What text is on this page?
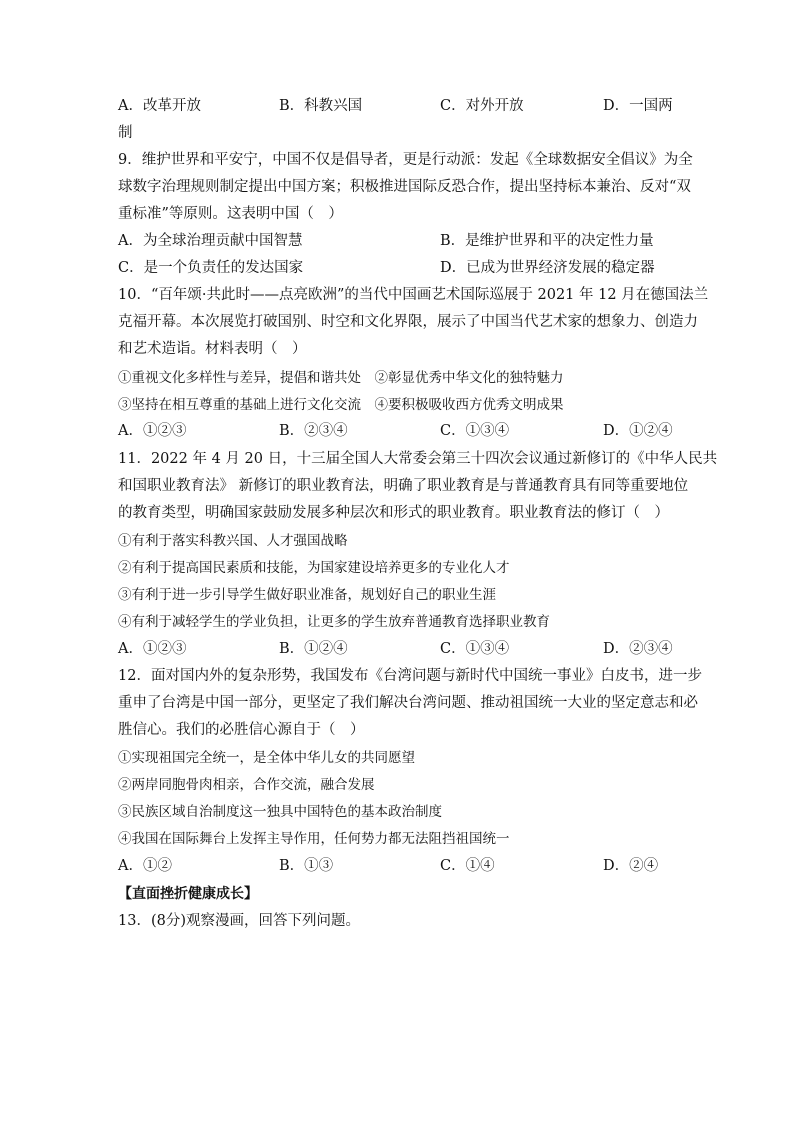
A．改革开放	B．科教兴国	C．对外开放	D．一国两
制
9．维护世界和平安宁，中国不仅是倡导者，更是行动派：发起《全球数据安全倡议》为全
球数字治理规则制定提出中国方案；积极推进国际反恐合作，提出坚持标本兼治、反对“双
重标准”等原则。这表明中国（　）
A．为全球治理贡献中国智慧	B．是维护世界和平的决定性力量
C．是一个负责任的发达国家	D．已成为世界经济发展的稳定器
10．“百年颂·共此时——点亮欧洲”的当代中国画艺术国际巡展于 2021 年 12 月在德国法兰
克福开幕。本次展览打破国别、时空和文化界限，展示了中国当代艺术家的想象力、创造力
和艺术造诣。材料表明（　）
①重视文化多样性与差异，提倡和谐共处　②彰显优秀中华文化的独特魅力
③坚持在相互尊重的基础上进行文化交流　④要积极吸收西方优秀文明成果
A．①②③	B．②③④	C．①③④	D．①②④
11．2022 年 4 月 20 日，十三届全国人大常委会第三十四次会议通过新修订的《中华人民共
和国职业教育法》 新修订的职业教育法，明确了职业教育是与普通教育具有同等重要地位
的教育类型，明确国家鼓励发展多种层次和形式的职业教育。职业教育法的修订（　）
①有利于落实科教兴国、人才强国战略
②有利于提高国民素质和技能，为国家建设培养更多的专业化人才
③有利于进一步引导学生做好职业准备，规划好自己的职业生涯
④有利于减轻学生的学业负担，让更多的学生放弃普通教育选择职业教育
A．①②③	B．①②④	C．①③④	D．②③④
12．面对国内外的复杂形势，我国发布《台湾问题与新时代中国统一事业》白皮书，进一步
重申了台湾是中国一部分，更坚定了我们解决台湾问题、推动祖国统一大业的坚定意志和必
胜信心。我们的必胜信心源自于（　）
①实现祖国完全统一，是全体中华儿女的共同愿望
②两岸同胞骨肉相亲，合作交流，融合发展
③民族区域自治制度这一独具中国特色的基本政治制度
④我国在国际舞台上发挥主导作用，任何势力都无法阻挡祖国统一
A．①②	B．①③	C．①④	D．②④
【直面挫折健康成长】
13．(8分)观察漫画，回答下列问题。
